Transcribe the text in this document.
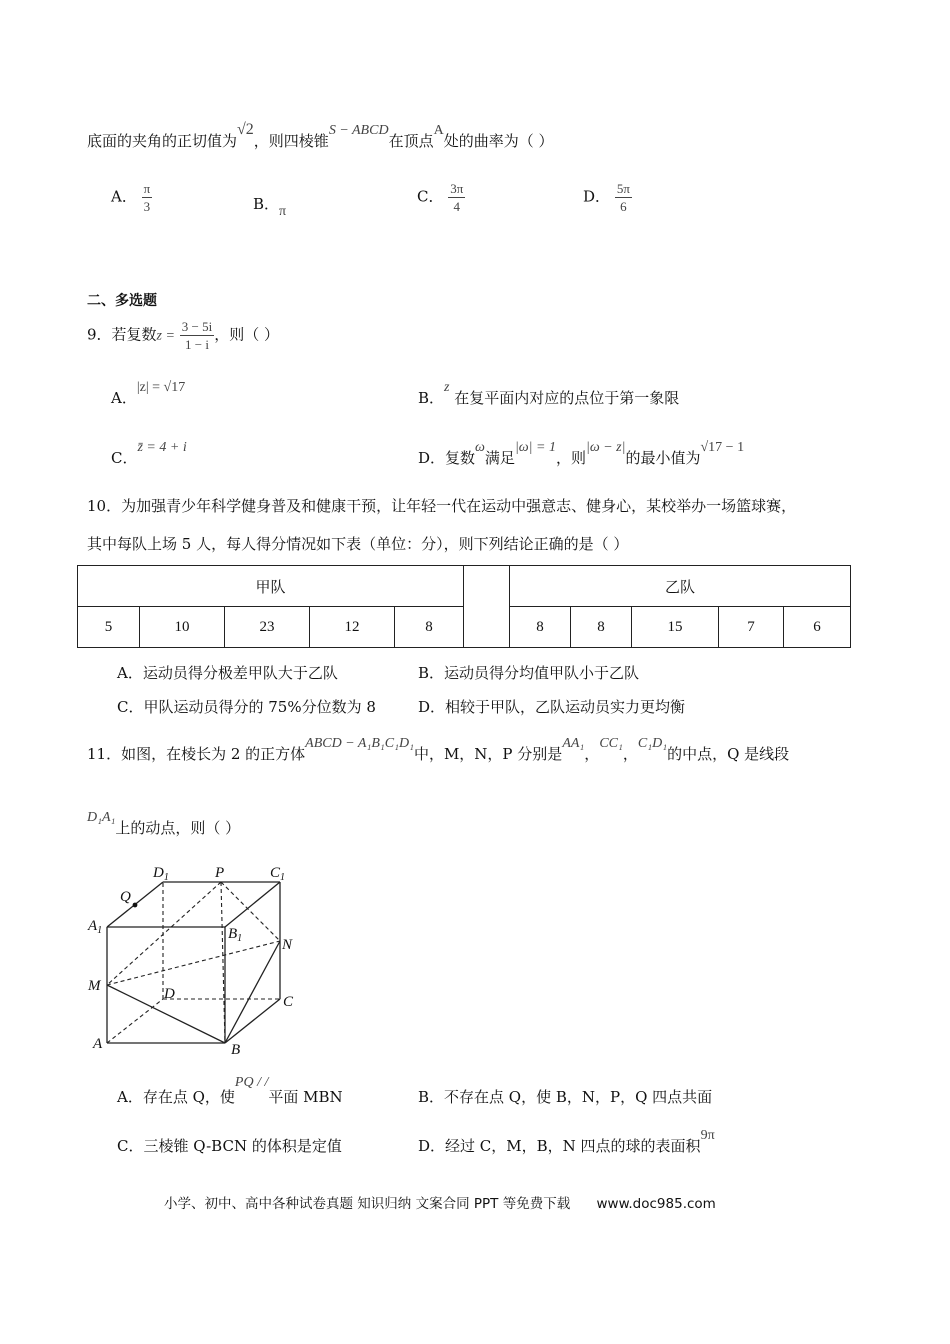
底面的夹角的正切值为√2，则四棱锥S − ABCD在顶点A处的曲率为（ ）
A． $\frac{\pi}{3}$	B．π
C． $\frac{3\pi}{4}$	D． $\frac{5\pi}{6}$
二、多选题
9．若复数$z = \frac{3 - 5i}{1 - i}$ ，则（ ）
A．|z| = √17
B．z 在复平面内对应的点位于第一象限
C．z̄ = 4 + i
D．复数ω满足|ω| = 1，则|ω − z|的最小值为√17 − 1
10．为加强青少年科学健身普及和健康干预，让年轻一代在运动中强意志、健身心，某校举办一场篮球赛，
其中每队上场 5 人，每人得分情况如下表（单位：分），则下列结论正确的是（ ）
甲队						乙队				
5	10	23	12	8		8	8	15	7	6
A．运动员得分极差甲队大于乙队	B．运动员得分均值甲队小于乙队
C．甲队运动员得分的 75%分位数为 8	D．相较于甲队，乙队运动员实力更均衡
11．如图，在棱长为 2 的正方体ABCD − A₁B₁C₁D₁中，M，N，P 分别是AA₁，CC₁，C₁D₁的中点，Q 是线段
D₁A₁上的动点，则（ ）
$D_1$	P	$C_1$
Q
$A_1$	$B_1$	N
M	D	C
A	B
A．存在点 Q，使PQ / /平面 MBN	B．不存在点 Q，使 B，N，P，Q 四点共面
C．三棱锥 Q-BCN 的体积是定值	D．经过 C，M，B，N 四点的球的表面积9π
小学、初中、高中各种试卷真题 知识归纳 文案合同 PPT 等免费下载 www.doc985.com
